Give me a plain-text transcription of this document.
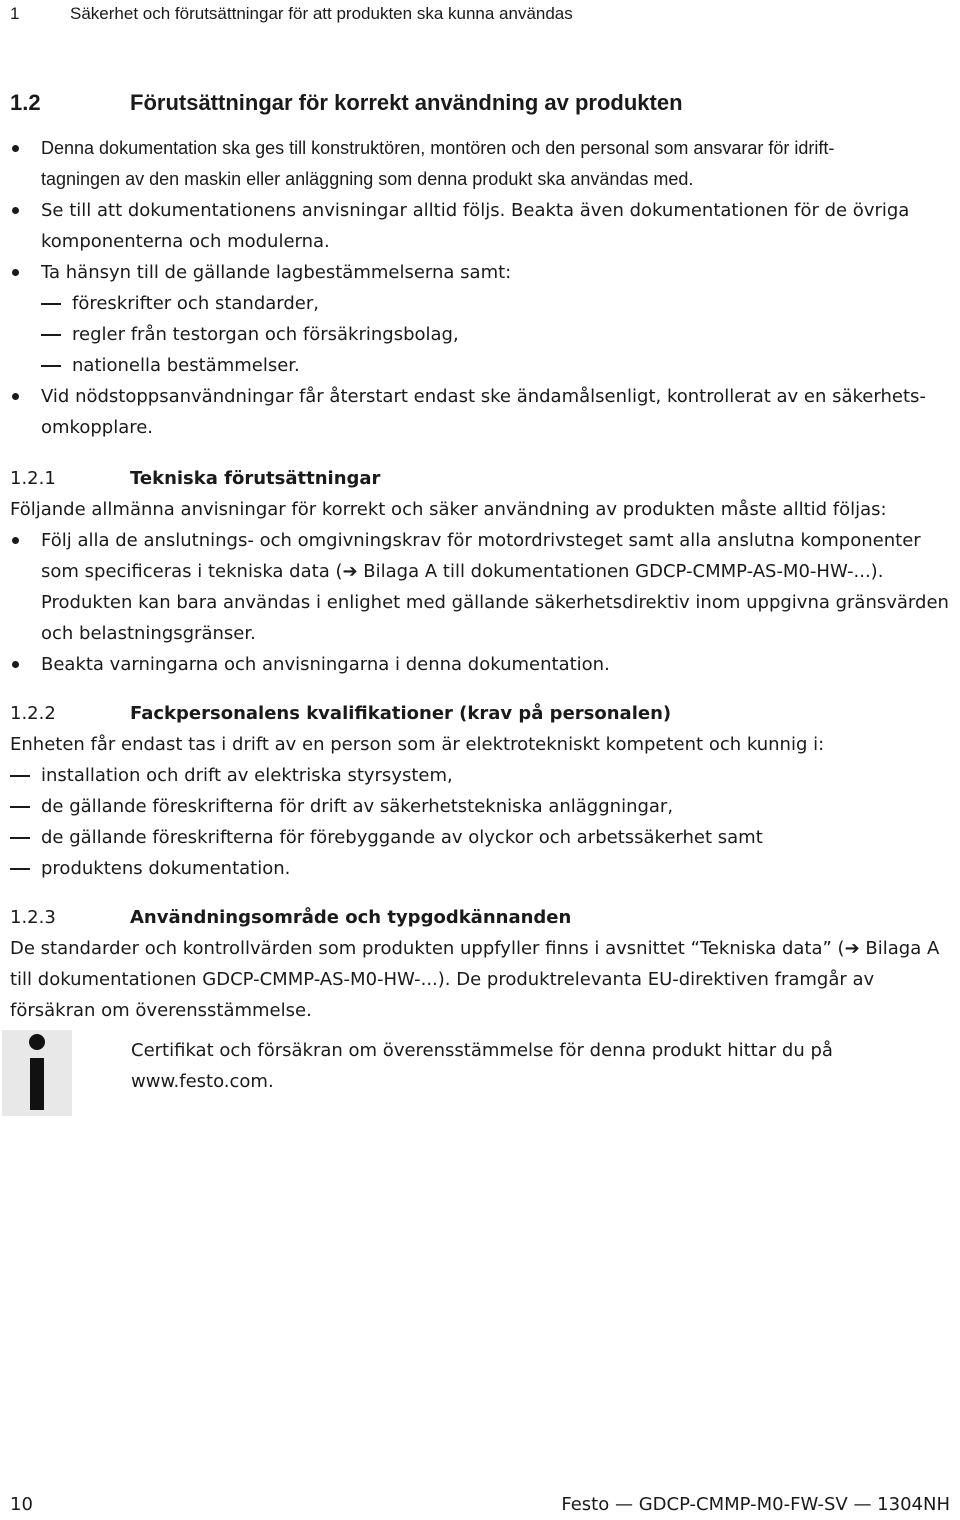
1	Säkerhet och förutsättningar för att produkten ska kunna användas
1.2	Förutsättningar för korrekt användning av produkten
Denna dokumentation ska ges till konstruktören, montören och den personal som ansvarar för idrift-
tagningen av den maskin eller anläggning som denna produkt ska användas med.
Se till att dokumentationens anvisningar alltid följs. Beakta även dokumentationen för de övriga
komponenterna och modulerna.
Ta hänsyn till de gällande lagbestämmelserna samt:
föreskrifter och standarder,
regler från testorgan och försäkringsbolag,
nationella bestämmelser.
Vid nödstoppsanvändningar får återstart endast ske ändamålsenligt, kontrollerat av en säkerhets-
omkopplare.
1.2.1	Tekniska förutsättningar

Följande allmänna anvisningar för korrekt och säker användning av produkten måste alltid följas:

Följ alla de anslutnings- och omgivningskrav för motordrivsteget samt alla anslutna komponenter
som specificeras i tekniska data (➔ Bilaga A till dokumentationen GDCP-CMMP-AS-M0-HW-...).
Produkten kan bara användas i enlighet med gällande säkerhetsdirektiv inom uppgivna gränsvärden
och belastningsgränser.
Beakta varningarna och anvisningarna i denna dokumentation.
1.2.2	Fackpersonalens kvalifikationer (krav på personalen)

Enheten får endast tas i drift av en person som är elektrotekniskt kompetent och kunnig i:

installation och drift av elektriska styrsystem,
de gällande föreskrifterna för drift av säkerhetstekniska anläggningar,
de gällande föreskrifterna för förebyggande av olyckor och arbetssäkerhet samt
produktens dokumentation.
1.2.3	Användningsområde och typgodkännanden

De standarder och kontrollvärden som produkten uppfyller finns i avsnittet “Tekniska data” (➔ Bilaga A

till dokumentationen GDCP-CMMP-AS-M0-HW-...). De produktrelevanta EU-direktiven framgår av

försäkran om överensstämmelse.

Certifikat och försäkran om överensstämmelse för denna produkt hittar du på
www.festo.com.
10	Festo — GDCP-CMMP-M0-FW-SV — 1304NH
